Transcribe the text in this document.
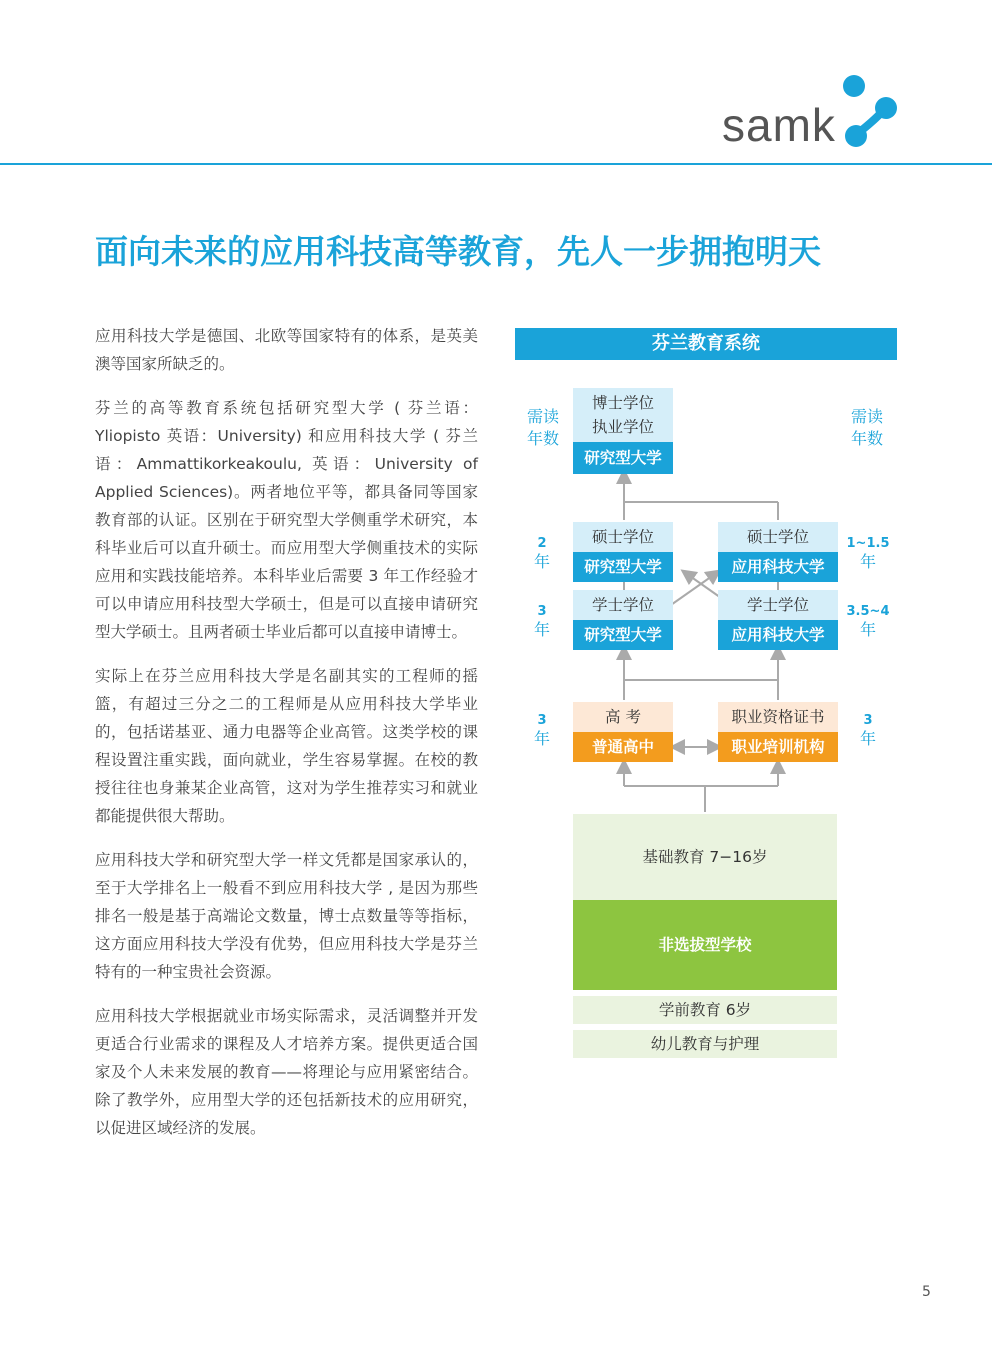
samk
面向未来的应用科技高等教育，先人一步拥抱明天

应用科技大学是德国、北欧等国家特有的体系，是英美澳等国家所缺乏的。

芬兰的高等教育系统包括研究型大学 ( 芬兰语：Yliopisto 英语：University) 和应用科技大学 ( 芬兰语：Ammattikorkeakoulu, 英语：University of Applied Sciences)。两者地位平等，都具备同等国家教育部的认证。区别在于研究型大学侧重学术研究，本科毕业后可以直升硕士。而应用型大学侧重技术的实际应用和实践技能培养。本科毕业后需要 3 年工作经验才可以申请应用科技型大学硕士，但是可以直接申请研究型大学硕士。且两者硕士毕业后都可以直接申请博士。

实际上在芬兰应用科技大学是名副其实的工程师的摇篮，有超过三分之二的工程师是从应用科技大学毕业的，包括诺基亚、通力电器等企业高管。这类学校的课程设置注重实践，面向就业，学生容易掌握。在校的教授往往也身兼某企业高管，这对为学生推荐实习和就业都能提供很大帮助。

应用科技大学和研究型大学一样文凭都是国家承认的，至于大学排名上一般看不到应用科技大学 , 是因为那些排名一般是基于高端论文数量，博士点数量等等指标，这方面应用科技大学没有优势，但应用科技大学是芬兰特有的一种宝贵社会资源。

应用科技大学根据就业市场实际需求，灵活调整并开发更适合行业需求的课程及人才培养方案。提供更适合国家及个人未来发展的教育——将理论与应用紧密结合。除了教学外，应用型大学的还包括新技术的应用研究，以促进区域经济的发展。

芬兰教育系统
需读
年数
需读
年数
博士学位
执业学位
研究型大学
硕士学位
研究型大学
硕士学位
应用科技大学
学士学位
研究型大学
学士学位
应用科技大学
高 考
普通高中
职业资格证书
职业培训机构
基础教育 7−16岁
非选拔型学校
学前教育 6岁
幼儿教育与护理
2
年
3
年
3
年
1~1.5
年
3.5~4
年
3
年
5
